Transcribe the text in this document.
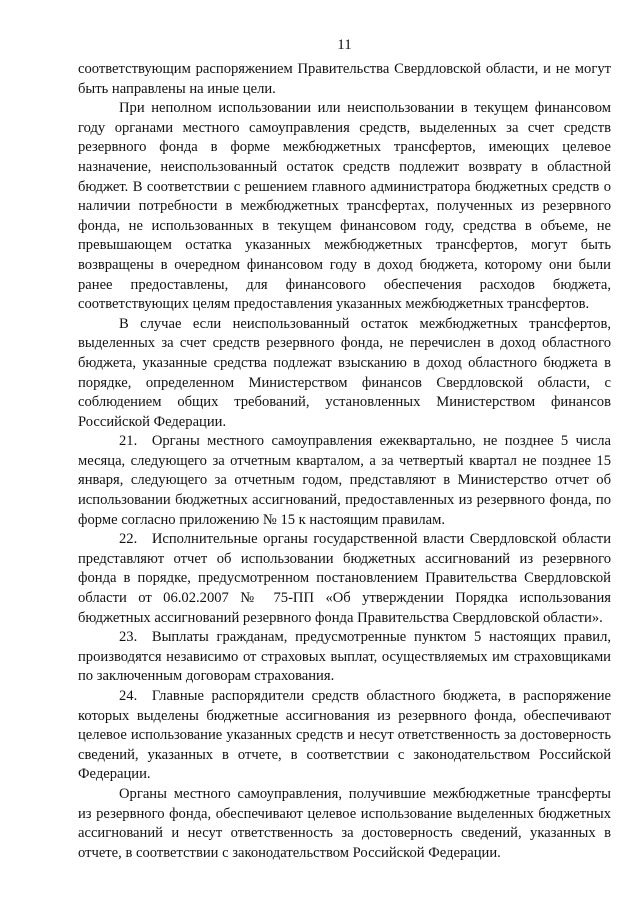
11

соответствующим распоряжением Правительства Свердловской области, и не могут быть направлены на иные цели.

При неполном использовании или неиспользовании в текущем финансовом году органами местного самоуправления средств, выделенных за счет средств резервного фонда в форме межбюджетных трансфертов, имеющих целевое назначение, неиспользованный остаток средств подлежит возврату в областной бюджет. В соответствии с решением главного администратора бюджетных средств о наличии потребности в межбюджетных трансфертах, полученных из резервного фонда, не использованных в текущем финансовом году, средства в объеме, не превышающем остатка указанных межбюджетных трансфертов, могут быть возвращены в очередном финансовом году в доход бюджета, которому они были ранее предоставлены, для финансового обеспечения расходов бюджета, соответствующих целям предоставления указанных межбюджетных трансфертов.

В случае если неиспользованный остаток межбюджетных трансфертов, выделенных за счет средств резервного фонда, не перечислен в доход областного бюджета, указанные средства подлежат взысканию в доход областного бюджета в порядке, определенном Министерством финансов Свердловской области, с соблюдением общих требований, установленных Министерством финансов Российской Федерации.

21. Органы местного самоуправления ежеквартально, не позднее 5 числа месяца, следующего за отчетным кварталом, а за четвертый квартал не позднее 15 января, следующего за отчетным годом, представляют в Министерство отчет об использовании бюджетных ассигнований, предоставленных из резервного фонда, по форме согласно приложению № 15 к настоящим правилам.

22. Исполнительные органы государственной власти Свердловской области представляют отчет об использовании бюджетных ассигнований из резервного фонда в порядке, предусмотренном постановлением Правительства Свердловской области от 06.02.2007 № 75-ПП «Об утверждении Порядка использования бюджетных ассигнований резервного фонда Правительства Свердловской области».

23. Выплаты гражданам, предусмотренные пунктом 5 настоящих правил, производятся независимо от страховых выплат, осуществляемых им страховщиками по заключенным договорам страхования.

24. Главные распорядители средств областного бюджета, в распоряжение которых выделены бюджетные ассигнования из резервного фонда, обеспечивают целевое использование указанных средств и несут ответственность за достоверность сведений, указанных в отчете, в соответствии с законодательством Российской Федерации.

Органы местного самоуправления, получившие межбюджетные трансферты из резервного фонда, обеспечивают целевое использование выделенных бюджетных ассигнований и несут ответственность за достоверность сведений, указанных в отчете, в соответствии с законодательством Российской Федерации.
